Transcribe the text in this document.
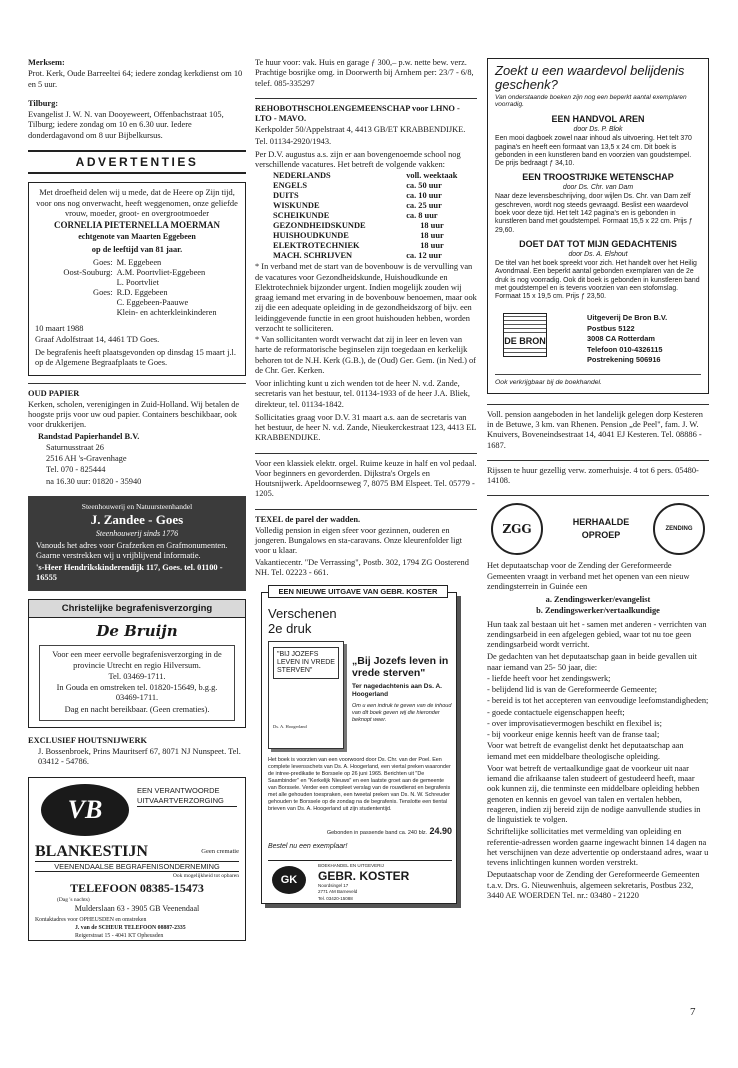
Merksem:

Prot. Kerk, Oude Barreeltei 64; iedere zondag kerkdienst om 10 en 5 uur.

Tilburg:

Evangelist J. W. N. van Dooyeweert, Offenbachstraat 105, Tilburg; iedere zondag om 10 en 6.30 uur. Iedere donderdagavond om 8 uur Bijbelkursus.

ADVERTENTIES

Met droefheid delen wij u mede, dat de Heere op Zijn tijd, voor ons nog onverwacht, heeft weggenomen, onze geliefde vrouw, moeder, groot- en overgrootmoeder

CORNELIA PIETERNELLA MOERMAN

echtgenote van Maarten Eggebeen

op de leeftijd van 81 jaar.

Goes:	M. Eggebeen
Oost-Souburg:	A.M. Poortvliet-Eggebeen
	L. Poortvliet
Goes:	R.D. Eggebeen
	C. Eggebeen-Paauwe
	Klein- en achterkleinkinderen

10 maart 1988

Graaf Adolfstraat 14, 4461 TD Goes.

De begrafenis heeft plaatsgevonden op dinsdag 15 maart j.l. op de Algemene Begraafplaats te Goes.

OUD PAPIER

Kerken, scholen, verenigingen in Zuid-Holland. Wij betalen de hoogste prijs voor uw oud papier. Containers beschikbaar, ook voor drukkerijen.

Randstad Papierhandel B.V.

Saturnusstraat 26

2516 AH 's-Gravenhage

Tel. 070 - 825444

na 16.30 uur: 01820 - 35940

Steenhouwerij en Natuursteenhandel

J. Zandee - Goes

Steenhouwerij sinds 1776

Vanouds het adres voor Grafzerken en Grafmonumenten. Gaarne verstrekken wij u vrijblijvend informatie.

's-Heer Hendrikskinderendijk 117, Goes. tel. 01100 - 16555

Christelijke begrafenisverzorging

De Bruijn

Voor een meer eervolle begrafenisverzorging in de provincie Utrecht en regio Hilversum.

Tel. 03469-1711.

In Gouda en omstreken tel. 01820-15649, b.g.g. 03469-1711.

Dag en nacht bereikbaar. (Geen crematies).

EXCLUSIEF HOUTSNIJWERK

J. Bossenbroek, Prins Mauritserf 67, 8071 NJ Nunspeet. Tel. 03412 - 54786.

VB

EEN VERANTWOORDE

UITVAARTVERZORGING

BLANKESTIJN	Geen crematie

VEENENDAALSE BEGRAFENISONDERNEMING

Ook mogelijkheid tot opbaren

TELEFOON 08385-15473

(Dag 's nachts)

Mulderslaan 63 - 3905 GB Veenendaal

Kontaktadres voor OPHEUSDEN en omstreken

J. van de SCHEUR TELEFOON 08887-2335

Reigerstraat 15 - 4041 KT Opheusden

Te huur voor: vak. Huis en garage ƒ 300,– p.w. nette bew. verz. Prachtige bosrijke omg. in Doorwerth bij Arnhem per: 23/7 - 6/8, telef. 085-335297

REHOBOTHSCHOLENGEMEENSCHAP voor LHNO - LTO - MAVO.

Kerkpolder 50/Appelstraat 4, 4413 GB/ET KRABBENDIJKE.

Tel. 01134-2920/1943.

Per D.V. augustus a.s. zijn er aan bovengenoemde school nog verschillende vacatures. Het betreft de volgende vakken:

NEDERLANDS	voll. weektaak
ENGELS	ca. 50 uur
DUITS	ca. 10 uur
WISKUNDE	ca. 25 uur
SCHEIKUNDE	ca. 8 uur
GEZONDHEIDSKUNDE	18 uur
HUISHOUDKUNDE	18 uur
ELEKTROTECHNIEK	18 uur
MACH. SCHRIJVEN	ca. 12 uur

* In verband met de start van de bovenbouw is de vervulling van de vacatures voor Gezondheidskunde, Huishoudkunde en Elektrotechniek bijzonder urgent. Indien mogelijk zouden wij graag iemand met ervaring in de bovenbouw benoemen, maar ook zij die een adequate opleiding in de gezondheidszorg of bijv. een leidinggevende functie in een groot huishouden hebben, worden verzocht te solliciteren.

* Van sollicitanten wordt verwacht dat zij in leer en leven van harte de reformatorische beginselen zijn toegedaan en kerkelijk behoren tot de N.H. Kerk (G.B.), de (Oud) Ger. Gem. (in Ned.) of de Chr. Ger. Kerken.

Voor inlichting kunt u zich wenden tot de heer N. v.d. Zande, secretaris van het bestuur, tel. 01134-1933 of de heer J.A. Bliek, direkteur, tel. 01134-1842.

Sollicitaties graag voor D.V. 31 maart a.s. aan de secretaris van het bestuur, de heer N. v.d. Zande, Nieukerckestraat 123, 4413 EL KRABBENDIJKE.

Voor een klassiek elektr. orgel. Ruime keuze in half en vol pedaal. Voor beginners en gevorderden. Dijkstra's Orgels en Houtsnijwerk. Apeldoornseweg 7, 8075 BM Elspeet. Tel. 05779 - 1205.

TEXEL de parel der wadden.

Volledig pension in eigen sfeer voor gezinnen, ouderen en jongeren. Bungalows en sta-caravans. Onze kleurenfolder ligt voor u klaar.

Vakantiecentr. "De Verrassing", Postb. 302, 1794 ZG Oosterend NH. Tel. 02223 - 661.

EEN NIEUWE UITGAVE VAN GEBR. KOSTER

Verschenen

2e druk

"BIJ JOZEFS LEVEN IN VREDE STERVEN"

Ds. A. Hoogerland

„Bij Jozefs leven in vrede sterven"

Ter nagedachtenis aan Ds. A. Hoogerland

Om u een indruk te geven van de inhoud van dit boek geven wij die hieronder beknopt weer.

Het boek is voorzien van een voorwoord door Ds. Chr. van der Poel. Een complete levensschets van Ds. A. Hoogerland, een viertal preken waaronder de intree-predikatie te Borssele op 26 juni 1965. Berichten uit "De Saambinder" en "Kerkelijk Nieuws" en een laatste groet aan de gemeente van Borssele. Verder een compleet verslag van de rouwdienst en begrafenis met alle gehouden toespraken, een tweetal preken van Ds. N. W. Schreuder gehouden te Borssele op de zondag na de begrafenis. Tenslotte een tiental brieven van Ds. A. Hoogerland uit zijn studententijd.

Gebonden in passende band ca. 240 blz. 24.90

Bestel nu een exemplaar!

GK

BOEKHANDEL EN UITGEVERIJ

GEBR. KOSTER

Noordsingel 17

2771 AM Barneveld

Tel. 03420-15088

Zoekt u een waardevol belijdenis geschenk?

Van onderstaande boeken zijn nog een beperkt aantal exemplaren voorradig.

EEN HANDVOL AREN

door Ds. P. Blok

Een mooi dagboek zowel naar inhoud als uitvoering. Het telt 370 pagina's en heeft een formaat van 13,5 x 24 cm. Dit boek is gebonden in een kunstleren band en voorzien van goudstempel. De prijs bedraagt ƒ 34,10.

EEN TROOSTRIJKE WETENSCHAP

door Ds. Chr. van Dam

Naar deze levensbeschrijving, door wijlen Ds. Chr. van Dam zelf geschreven, wordt nog steeds gevraagd. Beslist een waardevol boek voor deze tijd. Het telt 142 pagina's en is gebonden in kunstleren band met goudstempel. Formaat 15,5 x 22 cm. Prijs ƒ 29,60.

DOET DAT TOT MIJN GEDACHTENIS

door Ds. A. Elshout

De titel van het boek spreekt voor zich. Het handelt over het Heilig Avondmaal. Een beperkt aantal gebonden exemplaren van de 2e druk is nog voorradig. Ook dit boek is gebonden in kunstleren band met goudstempel en is tevens voorzien van een stofomslag. Formaat 15 x 19,5 cm. Prijs ƒ 23,50.

DE BRON

Uitgeverij De Bron B.V.

Postbus 5122

3008 CA Rotterdam

Telefoon 010-4326115

Postrekening 506916

Ook verkrijgbaar bij de boekhandel.

Voll. pension aangeboden in het landelijk gelegen dorp Kesteren in de Betuwe, 3 km. van Rhenen. Pension „de Peel", fam. J. W. Knuivers, Boveneindsestraat 14, 4041 EJ Kesteren. Tel. 08886 - 1687.

Rijssen te huur gezellig verw. zomerhuisje. 4 tot 6 pers. 05480-14108.

ZGG	HERHAALDE

OPROEP

ZENDING

Het deputaatschap voor de Zending der Gereformeerde Gemeenten vraagt in verband met het openen van een nieuw zendingsterrein in Guinée een

a. Zendingswerker/evangelist

b. Zendingswerker/vertaalkundige

Hun taak zal bestaan uit het - samen met anderen - verrichten van zendingsarbeid in een afgelegen gebied, waar tot nu toe geen zendingsarbeid wordt verricht.

De gedachten van het deputaatschap gaan in beide gevallen uit naar iemand van 25- 50 jaar, die:

- liefde heeft voor het zendingswerk;

- belijdend lid is van de Gereformeerde Gemeente;

- bereid is tot het accepteren van eenvoudige leefomstandigheden;

- goede contactuele eigenschappen heeft;

- over improvisatievermogen beschikt en flexibel is;

- bij voorkeur enige kennis heeft van de franse taal;

Voor wat betreft de evangelist denkt het deputaatschap aan iemand met een middelbare theologische opleiding.

Voor wat betreft de vertaalkundige gaat de voorkeur uit naar iemand die afrikaanse talen studeert of gestudeerd heeft, maar ook kunnen zij, die tenminste een middelbare opleiding hebben genoten en kennis en gevoel van talen en vertalen hebben, reageren, indien zij bereid zijn de nodige aanvullende studies in de linguistiek te volgen.

Schriftelijke sollicitaties met vermelding van opleiding en referentie-adressen worden gaarne ingewacht binnen 14 dagen na het verschijnen van deze advertentie op onderstaand adres, waar u tevens inlichtingen kunnen worden verstrekt.

Deputaatschap voor de Zending der Gereformeerde Gemeenten t.a.v. Drs. G. Nieuwenhuis, algemeen sekretaris, Postbus 232, 3440 AE WOERDEN Tel. nr.: 03480 - 21220

7
